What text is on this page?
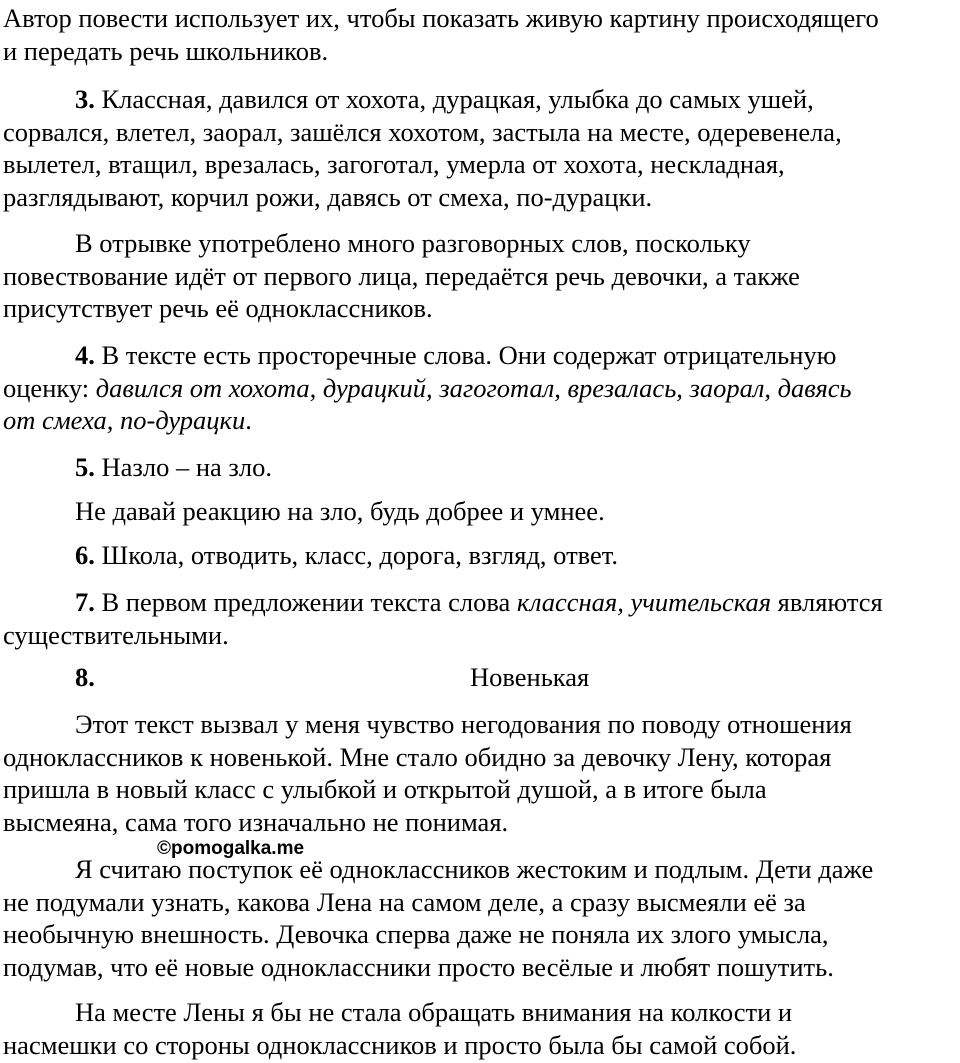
Автор повести использует их, чтобы показать живую картину происходящего
и передать речь школьников.

3. Классная, давился от хохота, дурацкая, улыбка до самых ушей,
сорвался, влетел, заорал, зашёлся хохотом, застыла на месте, одеревенела,
вылетел, втащил, врезалась, загоготал, умерла от хохота, нескладная,
разглядывают, корчил рожи, давясь от смеха, по-дурацки.

В отрывке употреблено много разговорных слов, поскольку
повествование идёт от первого лица, передаётся речь девочки, а также
присутствует речь её одноклассников.

4. В тексте есть просторечные слова. Они содержат отрицательную
оценку: давился от хохота, дурацкий, загоготал, врезалась, заорал, давясь
от смеха, по-дурацки.

5. Назло – на зло.

Не давай реакцию на зло, будь добрее и умнее.

6. Школа, отводить, класс, дорога, взгляд, ответ.

7. В первом предложении текста слова классная, учительская являются
существительными.

8.	Новенькая

Этот текст вызвал у меня чувство негодования по поводу отношения
одноклассников к новенькой. Мне стало обидно за девочку Лену, которая
пришла в новый класс с улыбкой и открытой душой, а в итоге была
высмеяна, сама того изначально не понимая.

Я считаю поступок её одноклассников жестоким и подлым. Дети даже
не подумали узнать, какова Лена на самом деле, а сразу высмеяли её за
необычную внешность. Девочка сперва даже не поняла их злого умысла,
подумав, что её новые одноклассники просто весёлые и любят пошутить.

На месте Лены я бы не стала обращать внимания на колкости и
насмешки со стороны одноклассников и просто была бы самой собой.

©pomogalka.me
